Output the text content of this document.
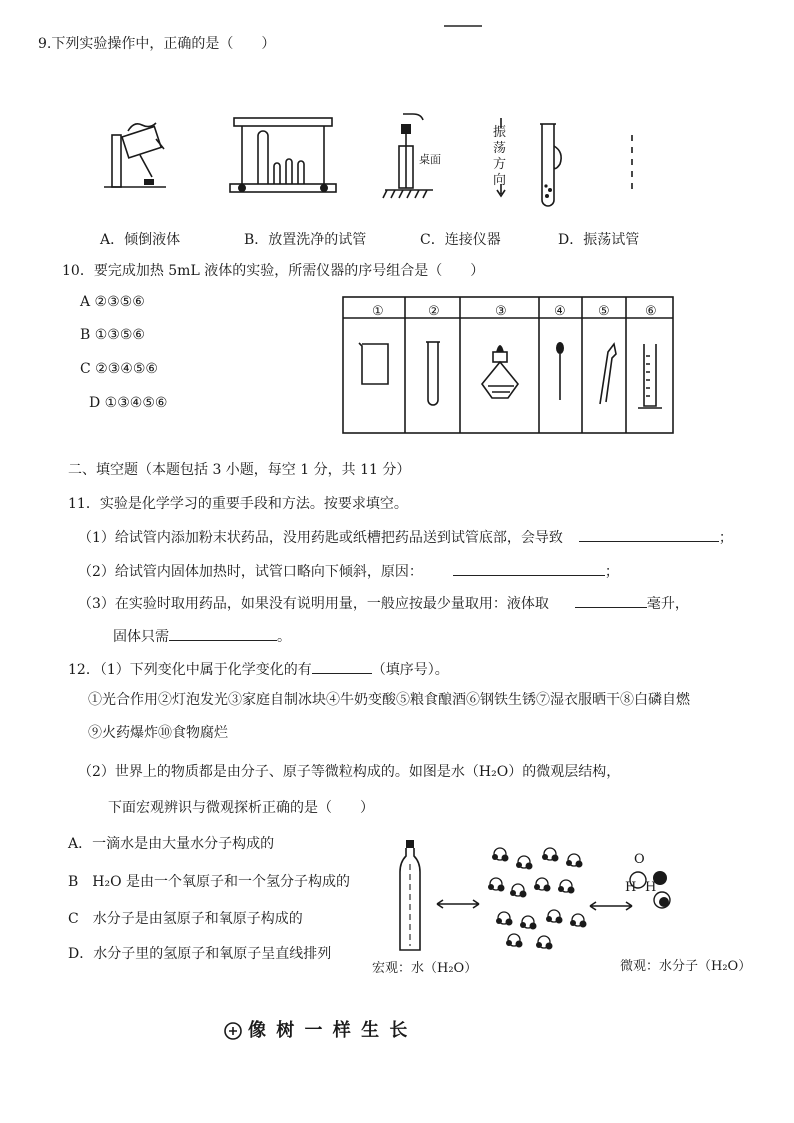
9.下列实验操作中，正确的是（　　）
桌面
振
荡
方
向
A．倾倒液体	B．放置洗净的试管	C．连接仪器	D．振荡试管
10．要完成加热 5mL 液体的实验，所需仪器的序号组合是（　　）
A ②③⑤⑥
B ①③⑤⑥
C ②③④⑤⑥
D ①③④⑤⑥
①	②	③	④ ⑤	⑥
二、填空题（本题包括 3 小题，每空 1 分，共 11 分）
11．实验是化学学习的重要手段和方法。按要求填空。
（1）给试管内添加粉末状药品，没用药匙或纸槽把药品送到试管底部，会导致	；
（2）给试管内固体加热时，试管口略向下倾斜，原因：	；
（3）在实验时取用药品，如果没有说明用量，一般应按最少量取用：液体取	毫升，
固体只需	。
12．（1）下列变化中属于化学变化的有	（填序号）。
①光合作用②灯泡发光③家庭自制冰块④牛奶变酸⑤粮食酿酒⑥钢铁生锈⑦湿衣服晒干⑧白磷自燃
⑨火药爆炸⑩食物腐烂
（2）世界上的物质都是由分子、原子等微粒构成的。如图是水（H₂O）的微观层结构，
下面宏观辨识与微观探析正确的是（　　）
A．一滴水是由大量水分子构成的
B　H₂O 是由一个氧原子和一个氢分子构成的
C　水分子是由氢原子和氧原子构成的
D．水分子里的氢原子和氧原子呈直线排列
O
H H
宏观：水（H₂O）	微观：水分子（H₂O）
像 树 一 样 生 长
